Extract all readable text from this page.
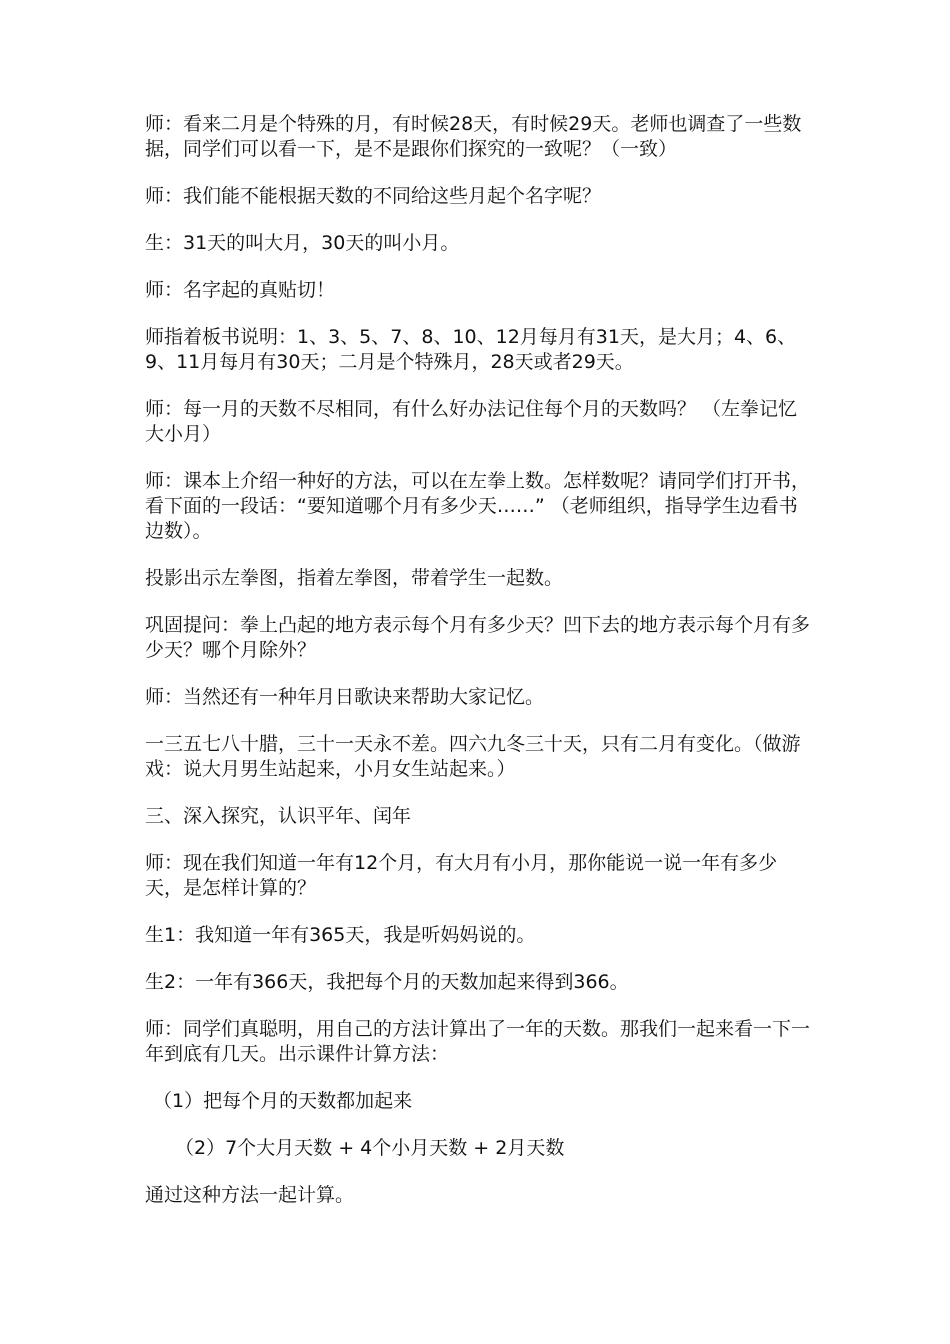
师：看来二月是个特殊的月，有时候28天，有时候29天。老师也调查了一些数据，同学们可以看一下，是不是跟你们探究的一致呢？（一致）

师：我们能不能根据天数的不同给这些月起个名字呢？

生：31天的叫大月，30天的叫小月。

师：名字起的真贴切！

师指着板书说明：1、3、5、7、8、10、12月每月有31天，是大月；4、6、9、11月每月有30天；二月是个特殊月，28天或者29天。

师：每一月的天数不尽相同，有什么好办法记住每个月的天数吗？ （左拳记忆大小月）

师：课本上介绍一种好的方法，可以在左拳上数。怎样数呢？请同学们打开书，看下面的一段话：“要知道哪个月有多少天……” （老师组织，指导学生边看书边数）。

投影出示左拳图，指着左拳图，带着学生一起数。

巩固提问：拳上凸起的地方表示每个月有多少天？凹下去的地方表示每个月有多少天？哪个月除外？

师：当然还有一种年月日歌诀来帮助大家记忆。

一三五七八十腊，三十一天永不差。四六九冬三十天，只有二月有变化。（做游戏：说大月男生站起来，小月女生站起来。）

三、深入探究，认识平年、闰年

师：现在我们知道一年有12个月，有大月有小月，那你能说一说一年有多少天，是怎样计算的？

生1：我知道一年有365天，我是听妈妈说的。

生2：一年有366天，我把每个月的天数加起来得到366。

师：同学们真聪明，用自己的方法计算出了一年的天数。那我们一起来看一下一年到底有几天。出示课件计算方法：

（1）把每个月的天数都加起来

（2）7个大月天数 + 4个小月天数 + 2月天数

通过这种方法一起计算。
